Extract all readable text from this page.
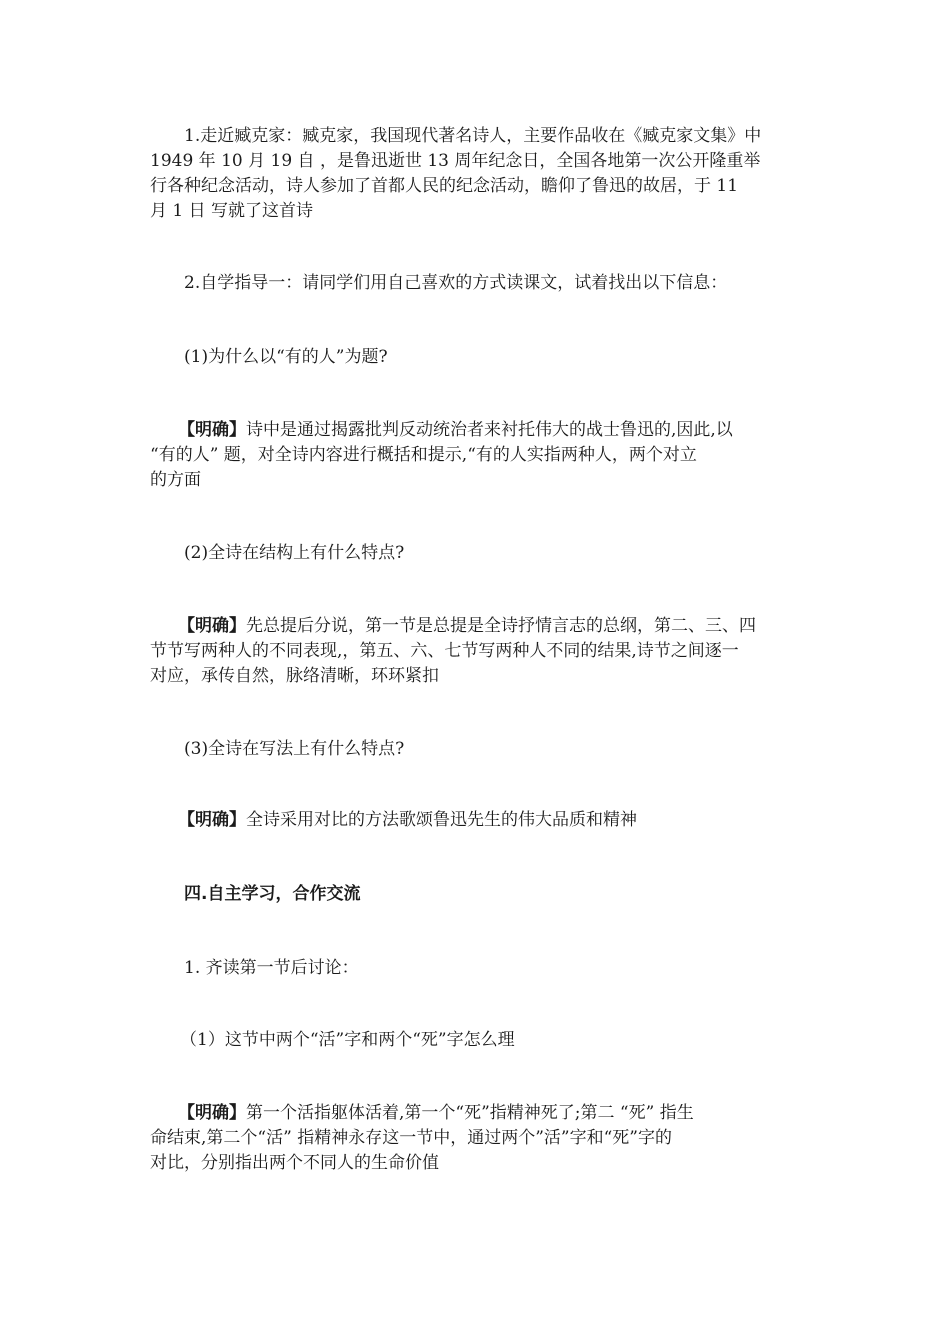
1.走近臧克家：臧克家，我国现代著名诗人，主要作品收在《臧克家文集》中
1949 年 10 月 19 自 ，是鲁迅逝世 13 周年纪念日，全国各地第一次公开隆重举
行各种纪念活动，诗人参加了首都人民的纪念活动，瞻仰了鲁迅的故居，于 11
月 1 日 写就了这首诗

2.自学指导一：请同学们用自己喜欢的方式读课文，试着找出以下信息：

(1)为什么以“有的人”为题?

【明确】诗中是通过揭露批判反动统治者来衬托伟大的战士鲁迅的,因此,以
“有的人” 题，对全诗内容进行概括和提示,“有的人实指两种人，两个对立
的方面

(2)全诗在结构上有什么特点?

【明确】先总提后分说，第一节是总提是全诗抒情言志的总纲，第二、三、四
节节写两种人的不同表现,，第五、六、七节写两种人不同的结果,诗节之间逐一
对应，承传自然，脉络清晰，环环紧扣

(3)全诗在写法上有什么特点?

【明确】全诗采用对比的方法歌颂鲁迅先生的伟大品质和精神

四.自主学习，合作交流

1. 齐读第一节后讨论：

（1）这节中两个“活”字和两个“死”字怎么理

【明确】第一个活指躯体活着,第一个“死”指精神死了;第二 “死” 指生
命结束,第二个“活” 指精神永存这一节中，通过两个”活”字和“死”字的
对比，分别指出两个不同人的生命价值
